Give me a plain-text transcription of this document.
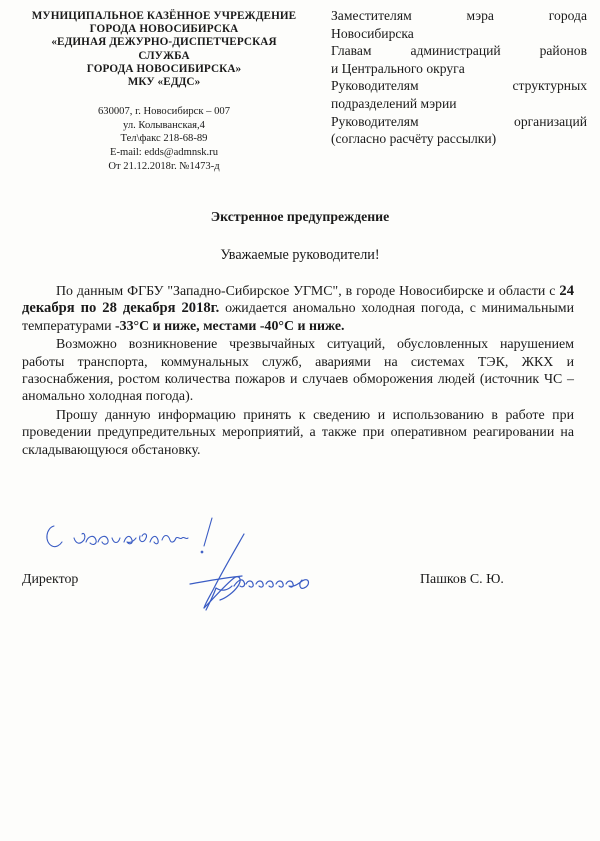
МУНИЦИПАЛЬНОЕ КАЗЁННОЕ УЧРЕЖДЕНИЕ
ГОРОДА НОВОСИБИРСКА
«ЕДИНАЯ ДЕЖУРНО-ДИСПЕТЧЕРСКАЯ
СЛУЖБА
ГОРОДА НОВОСИБИРСКА»
МКУ «ЕДДС»
630007, г. Новосибирск – 007
ул. Колыванская,4
Тел\факс 218-68-89
E-mail: edds@admnsk.ru
От 21.12.2018г. №1473-д
Заместителям мэра города
Новосибирска
Главам администраций районов
и Центрального округа
Руководителям структурных
подразделений мэрии
Руководителям организаций
(согласно расчёту рассылки)
Экстренное предупреждение
Уважаемые руководители!

По данным ФГБУ "Западно-Сибирское УГМС", в городе Новосибирске и области с 24 декабря по 28 декабря 2018г. ожидается аномально холодная погода, с минимальными температурами -33°С и ниже, местами -40°С и ниже.

Возможно возникновение чрезвычайных ситуаций, обусловленных нарушением работы транспорта, коммунальных служб, авариями на системах ТЭК, ЖКХ и газоснабжения, ростом количества пожаров и случаев обморожения людей (источник ЧС – аномально холодная погода).

Прошу данную информацию принять к сведению и использованию в работе при проведении предупредительных мероприятий, а также при оперативном реагировании на складывающуюся обстановку.

Директор	Пашков С. Ю.
